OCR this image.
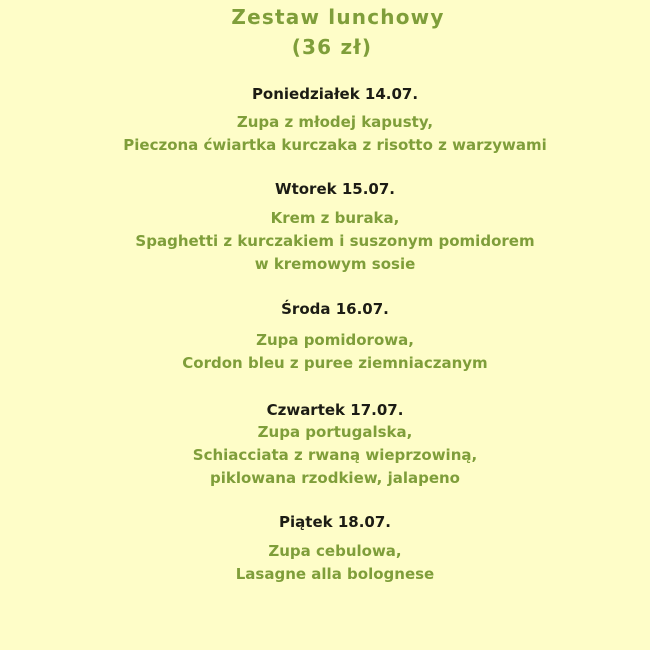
Zestaw lunchowy
(36 zł)
Poniedziałek 14.07.
Zupa z młodej kapusty,
Pieczona ćwiartka kurczaka z risotto z warzywami
Wtorek 15.07.
Krem z buraka,
Spaghetti z kurczakiem i suszonym pomidorem
w kremowym sosie
Środa 16.07.
Zupa pomidorowa,
Cordon bleu z puree ziemniaczanym
Czwartek 17.07.
Zupa portugalska,
Schiacciata z rwaną wieprzowiną,
piklowana rzodkiew, jalapeno
Piątek 18.07.
Zupa cebulowa,
Lasagne alla bolognese
